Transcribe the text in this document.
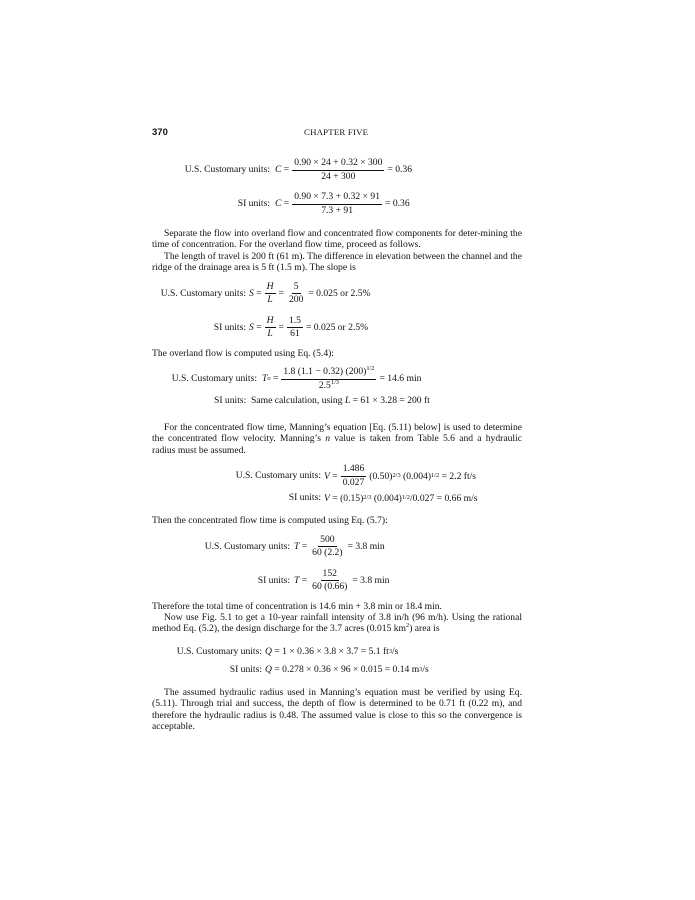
370	CHAPTER FIVE
U.S. Customary units: $C = \frac{0.90 \times 24 + 0.32 \times 300}{24 + 300} = 0.36$
SI units: $C = \frac{0.90 \times 7.3 + 0.32 \times 91}{7.3 + 91} = 0.36$

Separate the flow into overland flow and concentrated flow components for deter-mining the time of concentration. For the overland flow time, proceed as follows.

The length of travel is 200 ft (61 m). The difference in elevation between the channel and the ridge of the drainage area is 5 ft (1.5 m). The slope is

U.S. Customary units: $S = \frac{H}{L} = \frac{5}{200} = 0.025$ or 2.5%
SI units: $S = \frac{H}{L} = \frac{1.5}{61} = 0.025$ or 2.5%

The overland flow is computed using Eq. (5.4):

U.S. Customary units: T $o = \frac{1.8 (1.1 - 0.32) (200)^{1/2}}{2.5^{1/3}} = 14.6$ min
SI units:  Same calculation, using L = 61 × 3.28 = 200 ft

For the concentrated flow time, Manning’s equation [Eq. (5.11) below] is used to determine the concentrated flow velocity. Manning’s n value is taken from Table 5.6 and a hydraulic radius must be assumed.

U.S. Customary units: $V = \frac{1.486}{0.027} (0.50)$ 2/3 (0.004) 1/2 = 2.2 ft/s
SI units: V
= (0.15) 2/3 (0.004) 1/2 /0.027 = 0.66 m/s

Then the concentrated flow time is computed using Eq. (5.7):

U.S. Customary units: $T = \frac{500}{60 (2.2)} = 3.8$ min
SI units: $T = \frac{152}{60 (0.66)} = 3.8$ min

Therefore the total time of concentration is 14.6 min + 3.8 min or 18.4 min.

Now use Fig. 5.1 to get a 10-year rainfall intensity of 3.8 in/h (96 m/h). Using the rational method Eq. (5.2), the design discharge for the 3.7 acres (0.015 $km^2$) area is

U.S. Customary units: Q
= 1 × 0.36 × 3.8 × 3.7 = 5.1 ft 3 /s
SI units: Q
= 0.278 × 0.36 × 96 × 0.015 = 0.14 m 3 /s

The assumed hydraulic radius used in Manning’s equation must be verified by using Eq. (5.11). Through trial and success, the depth of flow is determined to be 0.71 ft (0.22 m), and therefore the hydraulic radius is 0.48. The assumed value is close to this so the convergence is acceptable.
